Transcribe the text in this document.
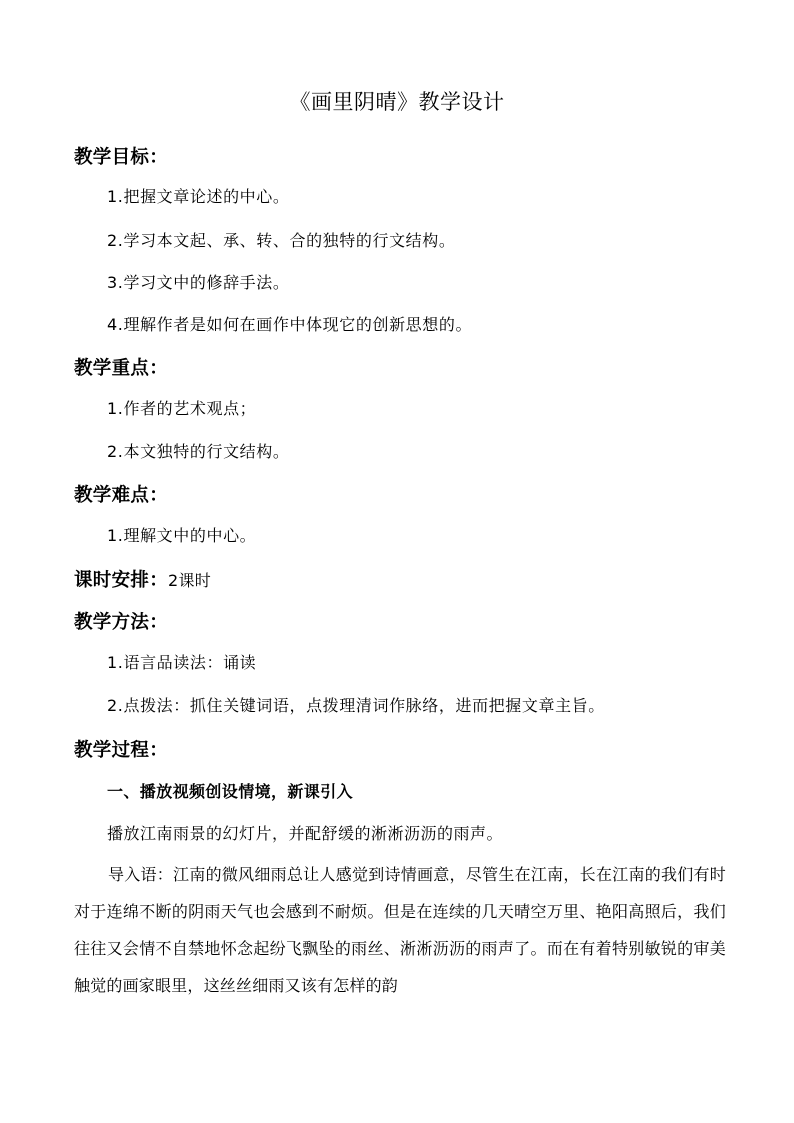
《画里阴晴》教学设计
教学目标：
1.把握文章论述的中心。
2.学习本文起、承、转、合的独特的行文结构。
3.学习文中的修辞手法。
4.理解作者是如何在画作中体现它的创新思想的。
教学重点：
1.作者的艺术观点；
2.本文独特的行文结构。
教学难点：
1.理解文中的中心。
课时安排：2课时
教学方法：
1.语言品读法：诵读
2.点拨法：抓住关键词语，点拨理清词作脉络，进而把握文章主旨。
教学过程：
一、播放视频创设情境，新课引入
播放江南雨景的幻灯片，并配舒缓的淅淅沥沥的雨声。
导入语：江南的微风细雨总让人感觉到诗情画意，尽管生在江南，长在江南的我们有时对于连绵不断的阴雨天气也会感到不耐烦。但是在连续的几天晴空万里、艳阳高照后，我们往往又会情不自禁地怀念起纷飞飘坠的雨丝、淅淅沥沥的雨声了。而在有着特别敏锐的审美触觉的画家眼里，这丝丝细雨又该有怎样的韵
